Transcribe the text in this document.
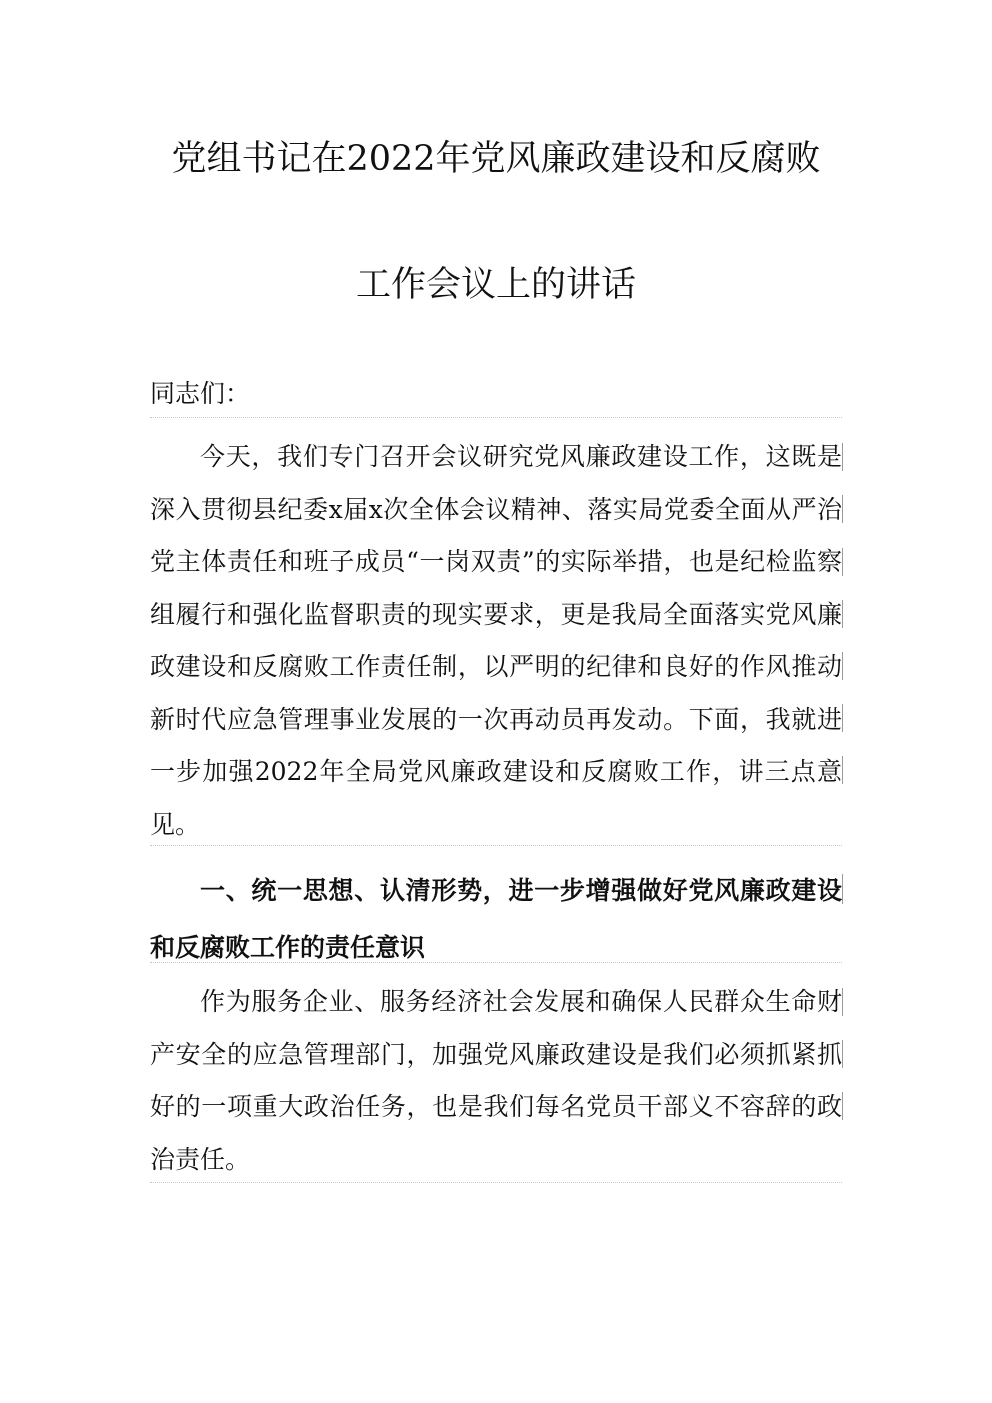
党组书记在2022年党风廉政建设和反腐败
工作会议上的讲话
同志们：
今天，我们专门召开会议研究党风廉政建设工作，这既是深入贯彻县纪委x届x次全体会议精神、落实局党委全面从严治党主体责任和班子成员“一岗双责”的实际举措，也是纪检监察组履行和强化监督职责的现实要求，更是我局全面落实党风廉政建设和反腐败工作责任制，以严明的纪律和良好的作风推动新时代应急管理事业发展的一次再动员再发动。下面，我就进一步加强2022年全局党风廉政建设和反腐败工作，讲三点意见。
一、统一思想、认清形势，进一步增强做好党风廉政建设和反腐败工作的责任意识
作为服务企业、服务经济社会发展和确保人民群众生命财产安全的应急管理部门，加强党风廉政建设是我们必须抓紧抓好的一项重大政治任务，也是我们每名党员干部义不容辞的政治责任。
